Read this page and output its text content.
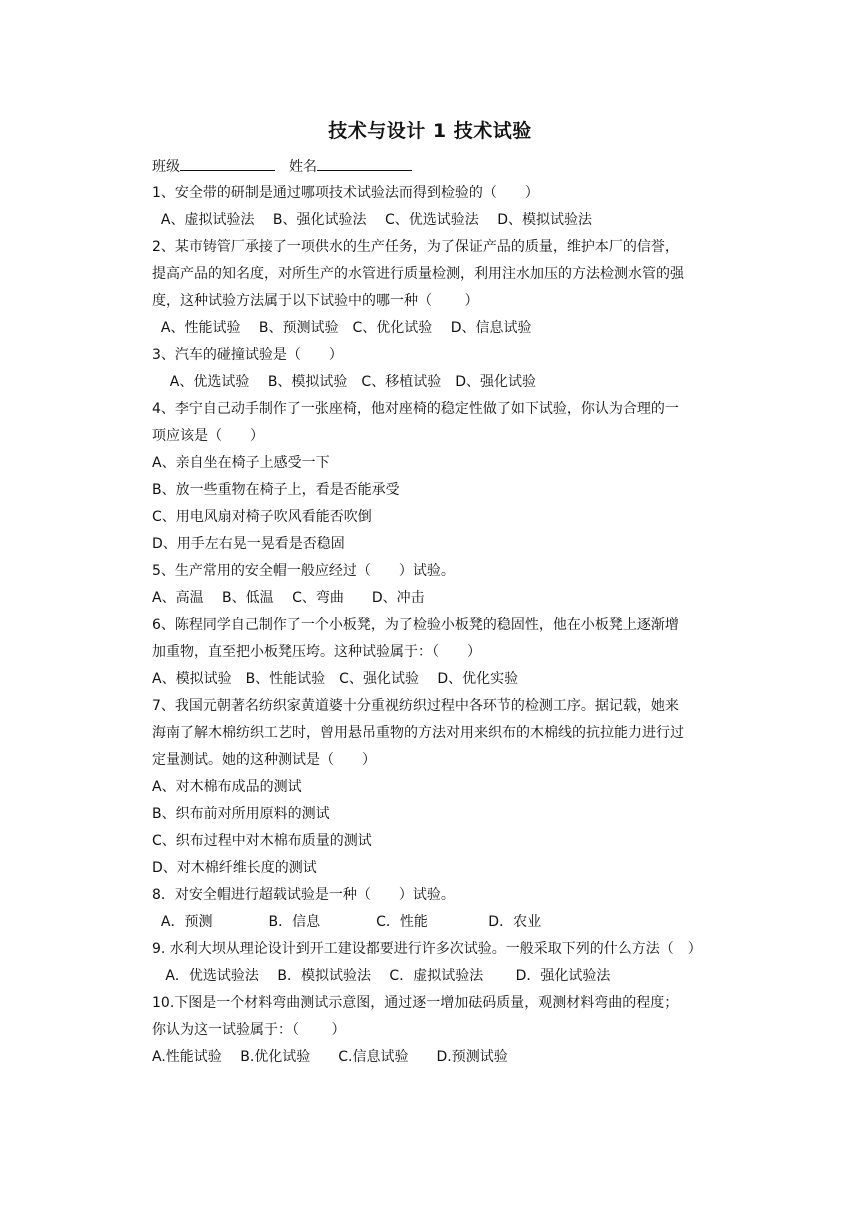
技术与设计 1 技术试验
班级	姓名
1、安全带的研制是通过哪项技术试验法而得到检验的（　　）
A、虚拟试验法　 B、强化试验法　 C、优选试验法　 D、模拟试验法
2、某市铸管厂承接了一项供水的生产任务，为了保证产品的质量，维护本厂的信誉，
提高产品的知名度，对所生产的水管进行质量检测，利用注水加压的方法检测水管的强
度，这种试验方法属于以下试验中的哪一种（　　 ）
A、性能试验　 B、预测试验　C、优化试验　 D、信息试验
3、汽车的碰撞试验是（　　）
A、优选试验　 B、模拟试验　C、移植试验　D、强化试验
4、李宁自己动手制作了一张座椅，他对座椅的稳定性做了如下试验，你认为合理的一
项应该是（　　）
A、亲自坐在椅子上感受一下
B、放一些重物在椅子上，看是否能承受
C、用电风扇对椅子吹风看能否吹倒
D、用手左右晃一晃看是否稳固
5、生产常用的安全帽一般应经过（　　）试验。
A、高温　 B、低温　 C、弯曲　　D、冲击
6、陈程同学自己制作了一个小板凳，为了检验小板凳的稳固性，他在小板凳上逐渐增
加重物，直至把小板凳压垮。这种试验属于：（　　）
A、模拟试验　B、性能试验　C、强化试验　 D、优化实验
7、我国元朝著名纺织家黄道婆十分重视纺织过程中各环节的检测工序。据记载，她来
海南了解木棉纺织工艺时，曾用悬吊重物的方法对用来织布的木棉线的抗拉能力进行过
定量测试。她的这种测试是（　　）
A、对木棉布成品的测试
B、织布前对所用原料的测试
C、织布过程中对木棉布质量的测试
D、对木棉纤维长度的测试
8．对安全帽进行超载试验是一种（　　）试验。
A．预测　　　　B．信息　　　　C．性能　　　　 D．农业
9. 水利大坝从理论设计到开工建设都要进行许多次试验。一般采取下列的什么方法（　）
A．优选试验法　 B．模拟试验法　 C．虚拟试验法　　 D．强化试验法
10.下图是一个材料弯曲测试示意图，通过逐一增加砝码质量，观测材料弯曲的程度；
你认为这一试验属于：（　　 ）
A.性能试验　 B.优化试验　　C.信息试验　　D.预测试验
